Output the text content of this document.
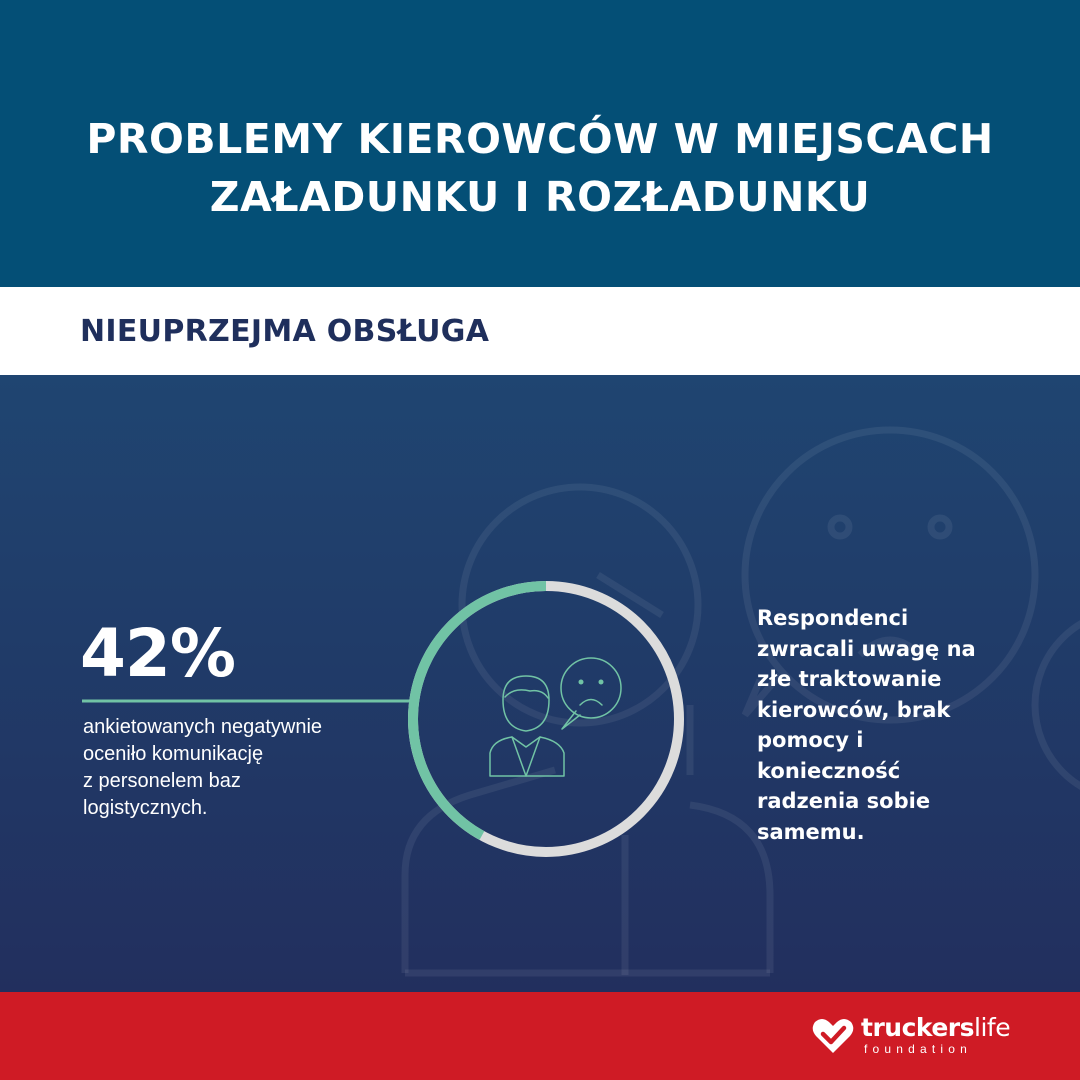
PROBLEMY KIEROWCÓW W MIEJSCACH
ZAŁADUNKU I ROZŁADUNKU
NIEUPRZEJMA OBSŁUGA
42%
ankietowanych negatywnie
oceniło komunikację
z personelem baz
logistycznych.
Respondenci
zwracali uwagę na
złe traktowanie
kierowców, brak
pomocy i
konieczność
radzenia sobie
samemu.
truckerslife
foundation
